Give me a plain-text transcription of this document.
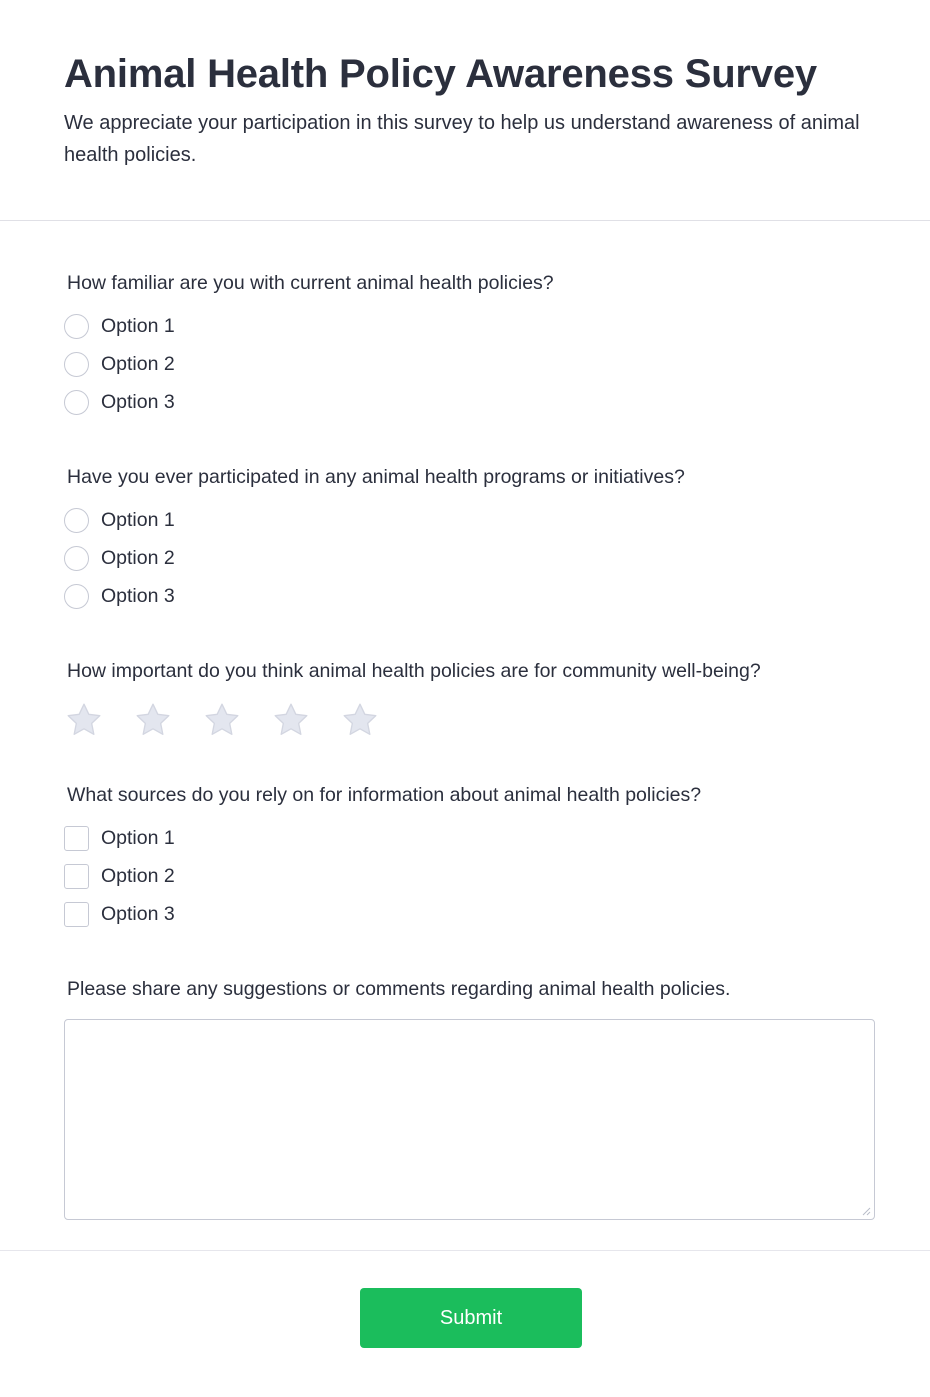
Animal Health Policy Awareness Survey

We appreciate your participation in this survey to help us understand awareness of animal health policies.

How familiar are you with current animal health policies?
Option 1
Option 2
Option 3
Have you ever participated in any animal health programs or initiatives?
Option 1
Option 2
Option 3
How important do you think animal health policies are for community well-being?
What sources do you rely on for information about animal health policies?
Option 1
Option 2
Option 3
Please share any suggestions or comments regarding animal health policies.
Submit
